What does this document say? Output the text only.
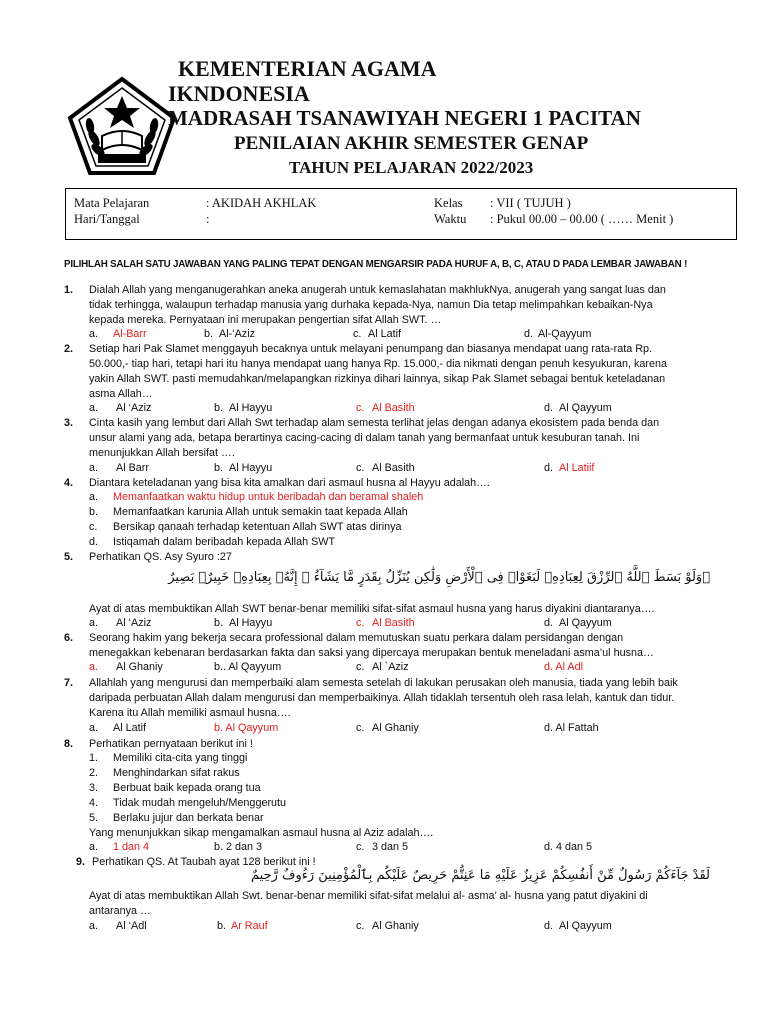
KEMENTERIAN AGAMA
IKNDONESIA
MADRASAH TSANAWIYAH NEGERI 1 PACITAN
PENILAIAN AKHIR SEMESTER GENAP
TAHUN PELAJARAN 2022/2023
Mata Pelajaran	: AKIDAH AKHLAK
Hari/Tanggal	:
Kelas : VII ( TUJUH )
Waktu : Pukul 00.00 – 00.00 ( …… Menit )
PILIHLAH SALAH SATU JAWABAN YANG PALING TEPAT DENGAN MENGARSIR PADA HURUF A, B, C, ATAU D PADA LEMBAR JAWABAN !
1. Dialah Allah yang menganugerahkan aneka anugerah untuk kemaslahatan makhlukNya, anugerah yang sangat luas dan
tidak terhingga, walaupun terhadap manusia yang durhaka kepada-Nya, namun Dia tetap melimpahkan kebaikan-Nya
kepada mereka. Pernyataan ini merupakan pengertian sifat Allah SWT. …
a. Al-Barr	b. Al-‘Aziz	c. Al Latif	d. Al-Qayyum
2. Setiap hari Pak Slamet menggayuh becaknya untuk melayani penumpang dan biasanya mendapat uang rata-rata Rp.
50.000,- tiap hari, tetapi hari itu hanya mendapat uang hanya Rp. 15.000,- dia nikmati dengan penuh kesyukuran, karena
yakin Allah SWT. pasti memudahkan/melapangkan rizkinya dihari lainnya, sikap Pak Slamet sebagai bentuk keteladanan
asma Allah…
a. Al ‘Aziz	b. Al Hayyu	c. Al Basith	d. Al Qayyum
3. Cinta kasih yang lembut dari Allah Swt terhadap alam semesta terlihat jelas dengan adanya ekosistem pada benda dan
unsur alami yang ada, betapa berartinya cacing-cacing di dalam tanah yang bermanfaat untuk kesuburan tanah. Ini
menunjukkan Allah bersifat ….
a. Al Barr	b. Al Hayyu	c. Al Basith	d. Al Latiif
4. Diantara keteladanan yang bisa kita amalkan dari asmaul husna al Hayyu adalah….
a. Memanfaatkan waktu hidup untuk beribadah dan beramal shaleh
b. Memanfaatkan karunia Allah untuk semakin taat kepada Allah
c. Bersikap qanaah terhadap ketentuan Allah SWT atas dirinya
d. Istiqamah dalam beribadah kepada Allah SWT
5. Perhatikan QS. Asy Syuro :27
۞وَلَوْ بَسَطَ ٱللَّهُ ٱلرِّزْقَ لِعِبَادِهِۦ لَبَغَوْا۟ فِى ٱلْأَرْضِ وَلَٰكِن يُنَزِّلُ بِقَدَرٍ مَّا يَشَآءُ ۚ إِنَّهُۥ بِعِبَادِهِۦ خَبِيرٌۢ بَصِيرٌ
Ayat di atas membuktikan Allah SWT benar-benar memiliki sifat-sifat asmaul husna yang harus diyakini diantaranya….
a. Al ‘Aziz	b. Al Hayyu	c. Al Basith	d. Al Qayyum
6. Seorang hakim yang bekerja secara professional dalam memutuskan suatu perkara dalam persidangan dengan
menegakkan kebenaran berdasarkan fakta dan saksi yang dipercaya merupakan bentuk meneladani asma’ul husna…
a. Al Ghaniy	b.. Al Qayyum	c. Al `Aziz	d. Al Adl
7. Allahlah yang mengurusi dan memperbaiki alam semesta setelah di lakukan perusakan oleh manusia, tiada yang lebih baik
daripada perbuatan Allah dalam mengurusi dan memperbaikinya. Allah tidaklah tersentuh oleh rasa lelah, kantuk dan tidur.
Karena itu Allah memiliki asmaul husna….
a. Al Latif	b. Al Qayyum	c. Al Ghaniy	d. Al Fattah
8. Perhatikan pernyataan berikut ini !
1. Memiliki cita-cita yang tinggi
2. Menghindarkan sifat rakus
3. Berbuat baik kepada orang tua
4. Tidak mudah mengeluh/Menggerutu
5. Berlaku jujur dan berkata benar
Yang menunjukkan sikap mengamalkan asmaul husna al Aziz adalah….
a. 1 dan 4	b. 2 dan 3	c. 3 dan 5	d. 4 dan 5
9. Perhatikan QS. At Taubah ayat 128 berikut ini !
لَقَدْ جَآءَكُمْ رَسُولٌ مِّنْ أَنفُسِكُمْ عَزِيزٌ عَلَيْهِ مَا عَنِتُّمْ حَرِيصٌ عَلَيْكُم بِٱلْمُؤْمِنِينَ رَءُوفٌ رَّحِيمٌ
Ayat di atas membuktikan Allah Swt. benar-benar memiliki sifat-sifat melalui al- asma’ al- husna yang patut diyakini di
antaranya …
a. Al ‘Adl	b. Ar Rauf	c. Al Ghaniy	d. Al Qayyum
